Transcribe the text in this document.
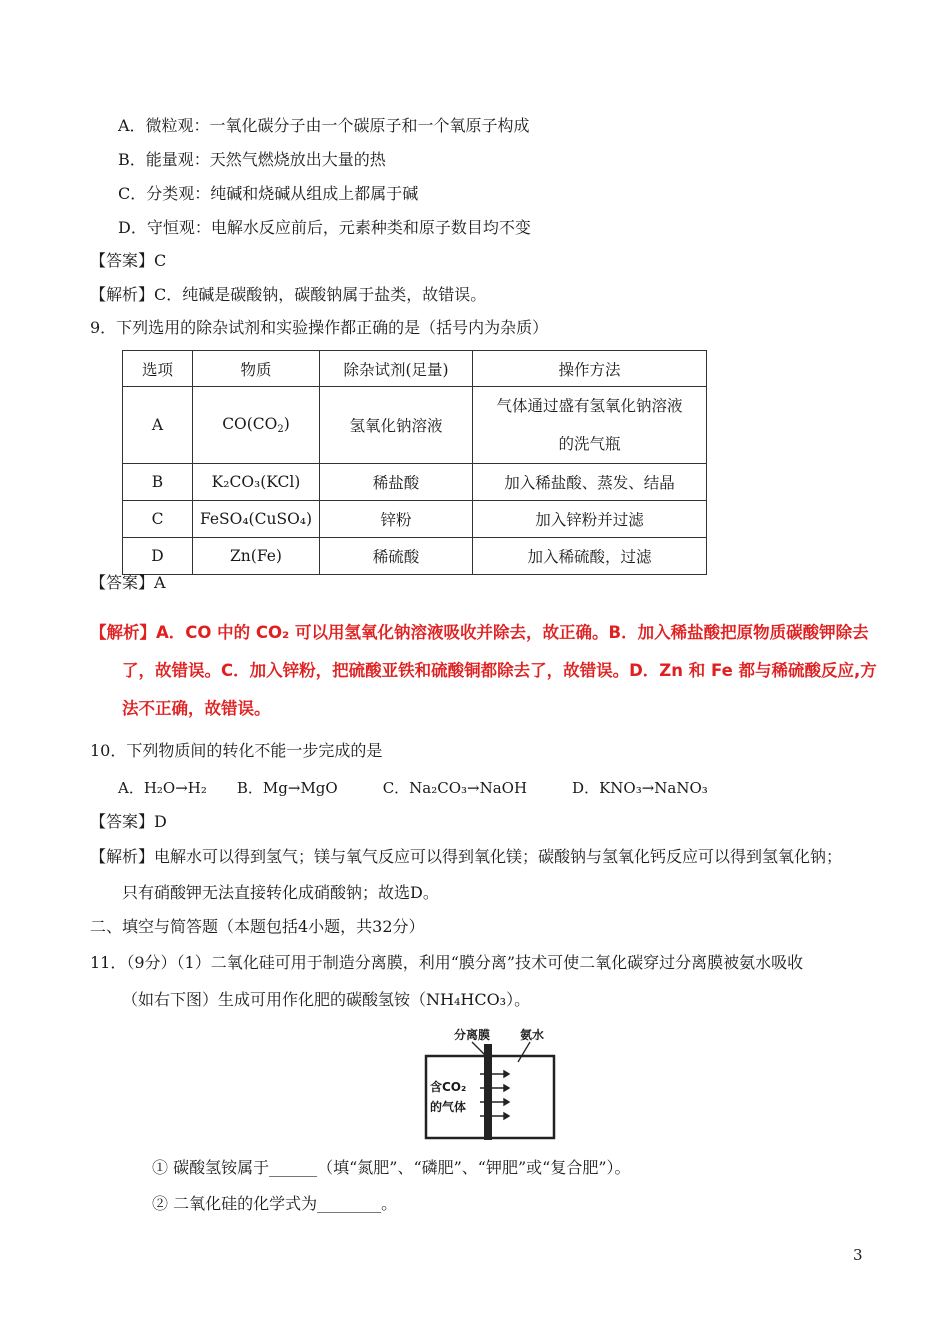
A．微粒观：一氧化碳分子由一个碳原子和一个氧原子构成
B．能量观：天然气燃烧放出大量的热
C．分类观：纯碱和烧碱从组成上都属于碱
D．守恒观：电解水反应前后，元素种类和原子数目均不变
【答案】C
【解析】C．纯碱是碳酸钠，碳酸钠属于盐类，故错误。
9．下列选用的除杂试剂和实验操作都正确的是（括号内为杂质）
选项	物质	除杂试剂(足量)	操作方法
A	$CO(CO_2)$	氢氧化钠溶液	气体通过盛有氢氧化钠溶液
的洗气瓶

B	K₂CO₃(KCl)	稀盐酸	加入稀盐酸、蒸发、结晶
C	FeSO₄(CuSO₄)	锌粉	加入锌粉并过滤
D	Zn(Fe)	稀硫酸	加入稀硫酸，过滤
【答案】A
【解析】A．CO 中的 CO₂ 可以用氢氧化钠溶液吸收并除去，故正确。B．加入稀盐酸把原物质碳酸钾除去
了，故错误。C．加入锌粉，把硫酸亚铁和硫酸铜都除去了，故错误。D．Zn 和 Fe 都与稀硫酸反应,方
法不正确，故错误。
10．下列物质间的转化不能一步完成的是
A．H₂O→H₂　　B．Mg→MgO　　　C．Na₂CO₃→NaOH　　　D．KNO₃→NaNO₃
【答案】D
【解析】电解水可以得到氢气；镁与氧气反应可以得到氧化镁；碳酸钠与氢氧化钙反应可以得到氢氧化钠；
只有硝酸钾无法直接转化成硝酸钠；故选D。
二、填空与简答题（本题包括4小题，共32分）
11．（9分）（1）二氧化硅可用于制造分离膜，利用“膜分离”技术可使二氧化碳穿过分离膜被氨水吸收
（如右下图）生成可用作化肥的碳酸氢铵（NH₄HCO₃）。
分离膜 氨水
含CO₂
的气体
① 碳酸氢铵属于______（填“氮肥”、“磷肥”、“钾肥”或“复合肥”）。
② 二氧化硅的化学式为________。
3
